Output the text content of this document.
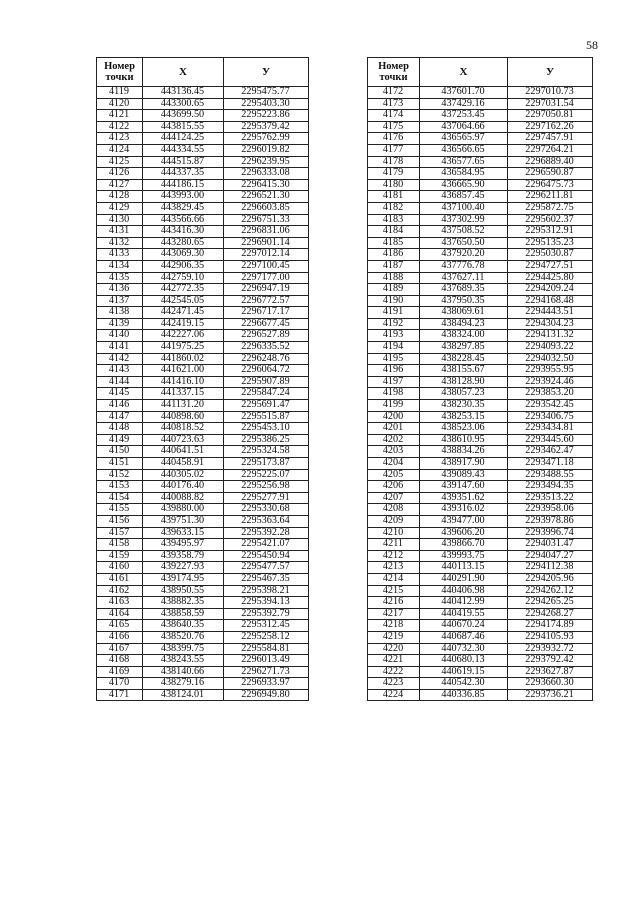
58
Номер
точки	Х	У
4119	443136.45	2295475.77
4120	443300.65	2295403.30
4121	443699.50	2295223.86
4122	443815.55	2295379.42
4123	444124.25	2295762.99
4124	444334.55	2296019.82
4125	444515.87	2296239.95
4126	444337.35	2296333.08
4127	444186.15	2296415.30
4128	443993.00	2296521.30
4129	443829.45	2296603.85
4130	443566.66	2296751.33
4131	443416.30	2296831.06
4132	443280.65	2296901.14
4133	443069.30	2297012.14
4134	442906.35	2297100.45
4135	442759.10	2297177.00
4136	442772.35	2296947.19
4137	442545.05	2296772.57
4138	442471.45	2296717.17
4139	442419.15	2296677.45
4140	442227.06	2296527.89
4141	441975.25	2296335.52
4142	441860.02	2296248.76
4143	441621.00	2296064.72
4144	441416.10	2295907.89
4145	441337.15	2295847.24
4146	441131.20	2295691.47
4147	440898.60	2295515.87
4148	440818.52	2295453.10
4149	440723.63	2295386.25
4150	440641.51	2295324.58
4151	440458.91	2295173.87
4152	440305.02	2295225.07
4153	440176.40	2295256.98
4154	440088.82	2295277.91
4155	439880.00	2295330.68
4156	439751.30	2295363.64
4157	439633.15	2295392.28
4158	439495.97	2295421.07
4159	439358.79	2295450.94
4160	439227.93	2295477.57
4161	439174.95	2295467.35
4162	438950.55	2295398.21
4163	438882.35	2295394.13
4164	438858.59	2295392.79
4165	438640.35	2295312.45
4166	438520.76	2295258.12
4167	438399.75	2295584.81
4168	438243.55	2296013.49
4169	438140.66	2296271.73
4170	438279.16	2296933.97
4171	438124.01	2296949.80
Номер
точки	Х	У
4172	437601.70	2297010.73
4173	437429.16	2297031.54
4174	437253.45	2297050.81
4175	437064.66	2297162.26
4176	436565.97	2297457.91
4177	436566.65	2297264.21
4178	436577.65	2296889.40
4179	436584.95	2296590.87
4180	436665.90	2296475.73
4181	436857.45	2296211.81
4182	437100.40	2295872.75
4183	437302.99	2295602.37
4184	437508.52	2295312.91
4185	437650.50	2295135.23
4186	437920.20	2295030.87
4187	437776.78	2294727.51
4188	437627.11	2294425.80
4189	437689.35	2294209.24
4190	437950.35	2294168.48
4191	438069.61	2294443.51
4192	438494.23	2294304.23
4193	438324.00	2294131.32
4194	438297.85	2294093.22
4195	438228.45	2294032.50
4196	438155.67	2293955.95
4197	438128.90	2293924.46
4198	438057.23	2293853.20
4199	438230.35	2293542.45
4200	438253.15	2293406.75
4201	438523.06	2293434.81
4202	438610.95	2293445.60
4203	438834.26	2293462.47
4204	438917.90	2293471.18
4205	439089.43	2293488.55
4206	439147.60	2293494.35
4207	439351.62	2293513.22
4208	439316.02	2293958.06
4209	439477.00	2293978.86
4210	439606.20	2293996.74
4211	439866.70	2294031.47
4212	439993.75	2294047.27
4213	440113.15	2294112.38
4214	440291.90	2294205.96
4215	440406.98	2294262.12
4216	440412.99	2294265.25
4217	440419.55	2294268.27
4218	440670.24	2294174.89
4219	440687.46	2294105.93
4220	440732.30	2293932.72
4221	440680.13	2293792.42
4222	440619.15	2293627.87
4223	440542.30	2293660.30
4224	440336.85	2293736.21
